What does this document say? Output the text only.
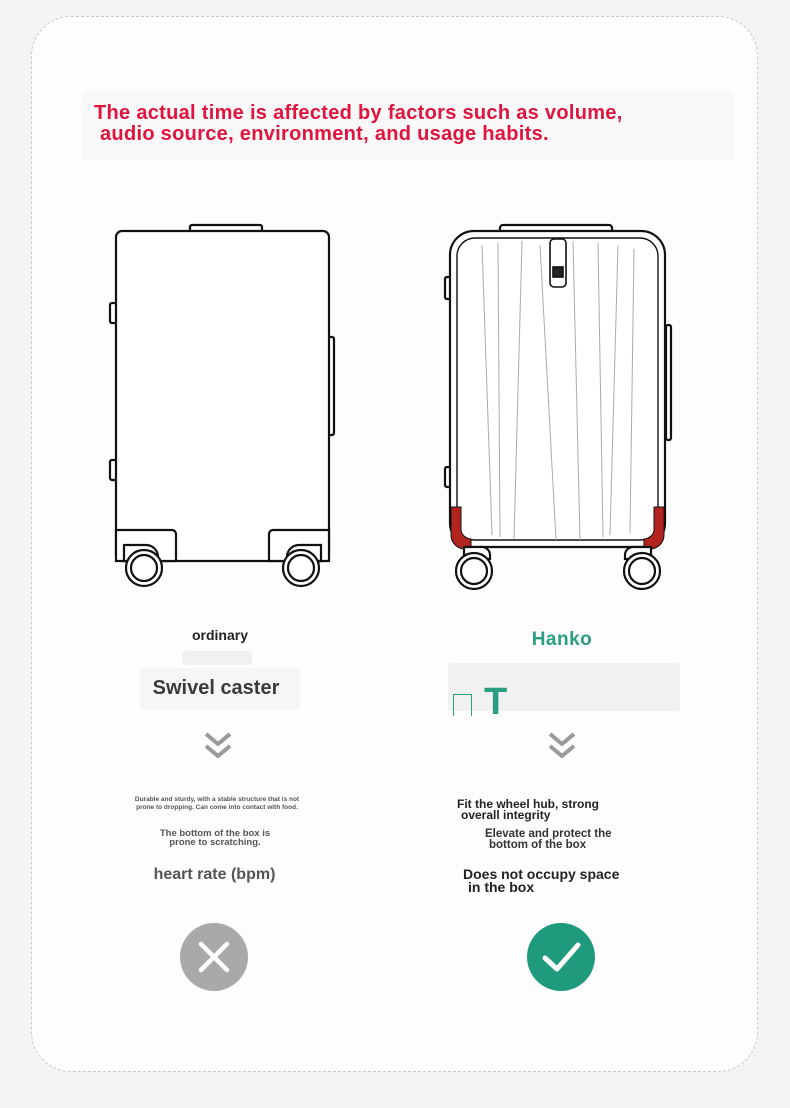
The actual time is affected by factors such as volume,
audio source, environment, and usage habits.
ordinary	Hanko
Swivel caster	T
Durable and sturdy, with a stable structure that is not
prone to dropping. Can come into contact with food.
The bottom of the box is
prone to scratching.
heart rate (bpm)
Fit the wheel hub, strong
overall integrity
Elevate and protect the
bottom of the box
Does not occupy space
in the box
